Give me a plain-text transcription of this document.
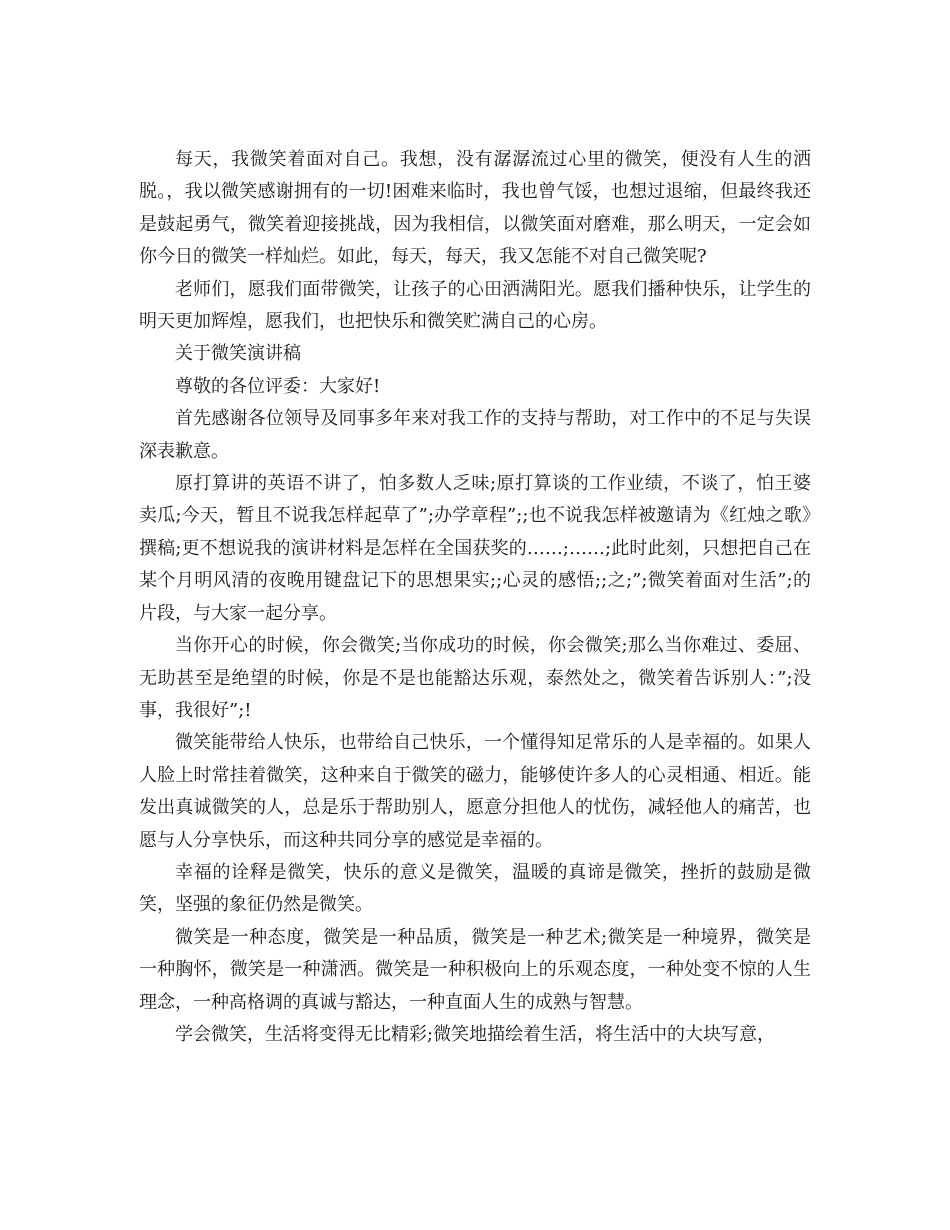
每天，我微笑着面对自己。我想，没有潺潺流过心里的微笑，便没有人生的洒脱。，我以微笑感谢拥有的一切!困难来临时，我也曾气馁，也想过退缩，但最终我还是鼓起勇气，微笑着迎接挑战，因为我相信，以微笑面对磨难，那么明天，一定会如你今日的微笑一样灿烂。如此，每天，每天，我又怎能不对自己微笑呢?

老师们，愿我们面带微笑，让孩子的心田洒满阳光。愿我们播种快乐，让学生的明天更加辉煌，愿我们，也把快乐和微笑贮满自己的心房。

关于微笑演讲稿

尊敬的各位评委：大家好!

首先感谢各位领导及同事多年来对我工作的支持与帮助，对工作中的不足与失误深表歉意。

原打算讲的英语不讲了，怕多数人乏味;原打算谈的工作业绩，不谈了，怕王婆卖瓜;今天，暂且不说我怎样起草了”;办学章程”;;也不说我怎样被邀请为《红烛之歌》撰稿;更不想说我的演讲材料是怎样在全国获奖的……;……;此时此刻，只想把自己在某个月明风清的夜晚用键盘记下的思想果实;;心灵的感悟;;之;”;微笑着面对生活”;的片段，与大家一起分享。

当你开心的时候，你会微笑;当你成功的时候，你会微笑;那么当你难过、委屈、无助甚至是绝望的时候，你是不是也能豁达乐观，泰然处之，微笑着告诉别人：”;没事，我很好”;!

微笑能带给人快乐，也带给自己快乐，一个懂得知足常乐的人是幸福的。如果人人脸上时常挂着微笑，这种来自于微笑的磁力，能够使许多人的心灵相通、相近。能发出真诚微笑的人，总是乐于帮助别人，愿意分担他人的忧伤，减轻他人的痛苦，也愿与人分享快乐，而这种共同分享的感觉是幸福的。

幸福的诠释是微笑，快乐的意义是微笑，温暖的真谛是微笑，挫折的鼓励是微笑，坚强的象征仍然是微笑。

微笑是一种态度，微笑是一种品质，微笑是一种艺术;微笑是一种境界，微笑是一种胸怀，微笑是一种潇洒。微笑是一种积极向上的乐观态度，一种处变不惊的人生理念，一种高格调的真诚与豁达，一种直面人生的成熟与智慧。

学会微笑，生活将变得无比精彩;微笑地描绘着生活，将生活中的大块写意，
